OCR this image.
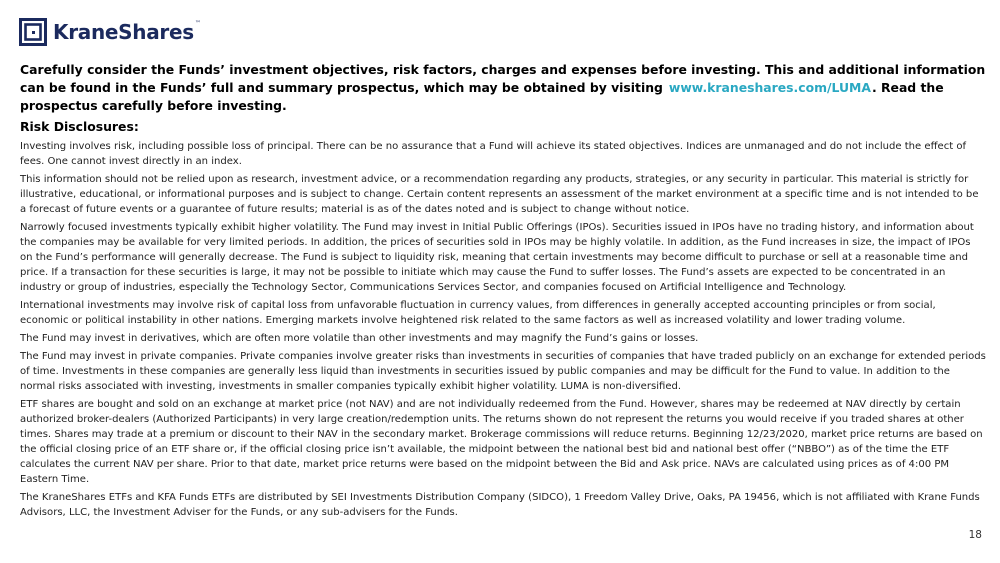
KraneShares™

Carefully consider the Funds’ investment objectives, risk factors, charges and expenses before investing. This and additional information can be found in the Funds’ full and summary prospectus, which may be obtained by visiting www.kraneshares.com/LUMA. Read the prospectus carefully before investing.

Risk Disclosures:

Investing involves risk, including possible loss of principal. There can be no assurance that a Fund will achieve its stated objectives. Indices are unmanaged and do not include the effect of fees. One cannot invest directly in an index.

This information should not be relied upon as research, investment advice, or a recommendation regarding any products, strategies, or any security in particular. This material is strictly for illustrative, educational, or informational purposes and is subject to change. Certain content represents an assessment of the market environment at a specific time and is not intended to be a forecast of future events or a guarantee of future results; material is as of the dates noted and is subject to change without notice.

Narrowly focused investments typically exhibit higher volatility. The Fund may invest in Initial Public Offerings (IPOs). Securities issued in IPOs have no trading history, and information about the companies may be available for very limited periods. In addition, the prices of securities sold in IPOs may be highly volatile. In addition, as the Fund increases in size, the impact of IPOs on the Fund’s performance will generally decrease. The Fund is subject to liquidity risk, meaning that certain investments may become difficult to purchase or sell at a reasonable time and price. If a transaction for these securities is large, it may not be possible to initiate which may cause the Fund to suffer losses. The Fund’s assets are expected to be concentrated in an industry or group of industries, especially the Technology Sector, Communications Services Sector, and companies focused on Artificial Intelligence and Technology.

International investments may involve risk of capital loss from unfavorable fluctuation in currency values, from differences in generally accepted accounting principles or from social, economic or political instability in other nations. Emerging markets involve heightened risk related to the same factors as well as increased volatility and lower trading volume.

The Fund may invest in derivatives, which are often more volatile than other investments and may magnify the Fund’s gains or losses.

The Fund may invest in private companies. Private companies involve greater risks than investments in securities of companies that have traded publicly on an exchange for extended periods of time. Investments in these companies are generally less liquid than investments in securities issued by public companies and may be difficult for the Fund to value. In addition to the normal risks associated with investing, investments in smaller companies typically exhibit higher volatility. LUMA is non-diversified.

ETF shares are bought and sold on an exchange at market price (not NAV) and are not individually redeemed from the Fund. However, shares may be redeemed at NAV directly by certain authorized broker-dealers (Authorized Participants) in very large creation/redemption units. The returns shown do not represent the returns you would receive if you traded shares at other times. Shares may trade at a premium or discount to their NAV in the secondary market. Brokerage commissions will reduce returns. Beginning 12/23/2020, market price returns are based on the official closing price of an ETF share or, if the official closing price isn’t available, the midpoint between the national best bid and national best offer (“NBBO”) as of the time the ETF calculates the current NAV per share. Prior to that date, market price returns were based on the midpoint between the Bid and Ask price. NAVs are calculated using prices as of 4:00 PM Eastern Time.

The KraneShares ETFs and KFA Funds ETFs are distributed by SEI Investments Distribution Company (SIDCO), 1 Freedom Valley Drive, Oaks, PA 19456, which is not affiliated with Krane Funds Advisors, LLC, the Investment Adviser for the Funds, or any sub-advisers for the Funds.

18
